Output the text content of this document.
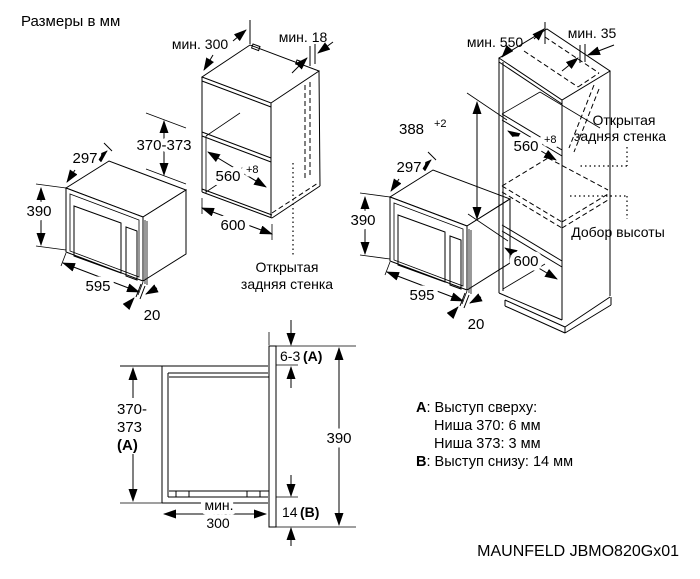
297
390
595
20
мин. 300	мин. 18
370-373
560 +8
600
Открытая
задняя стенка
мин. 550
мин. 35
388 +2
560 +8
600
Открытая
задняя стенка
Добор высоты
6-3 (A)
390
14 (B)
370-
373
(A)
мин.
300
Размеры в мм
A: Выступ сверху:
Ниша 370: 6 мм
Ниша 373: 3 мм
B: Выступ снизу: 14 мм
MAUNFELD JBMO820Gx01
